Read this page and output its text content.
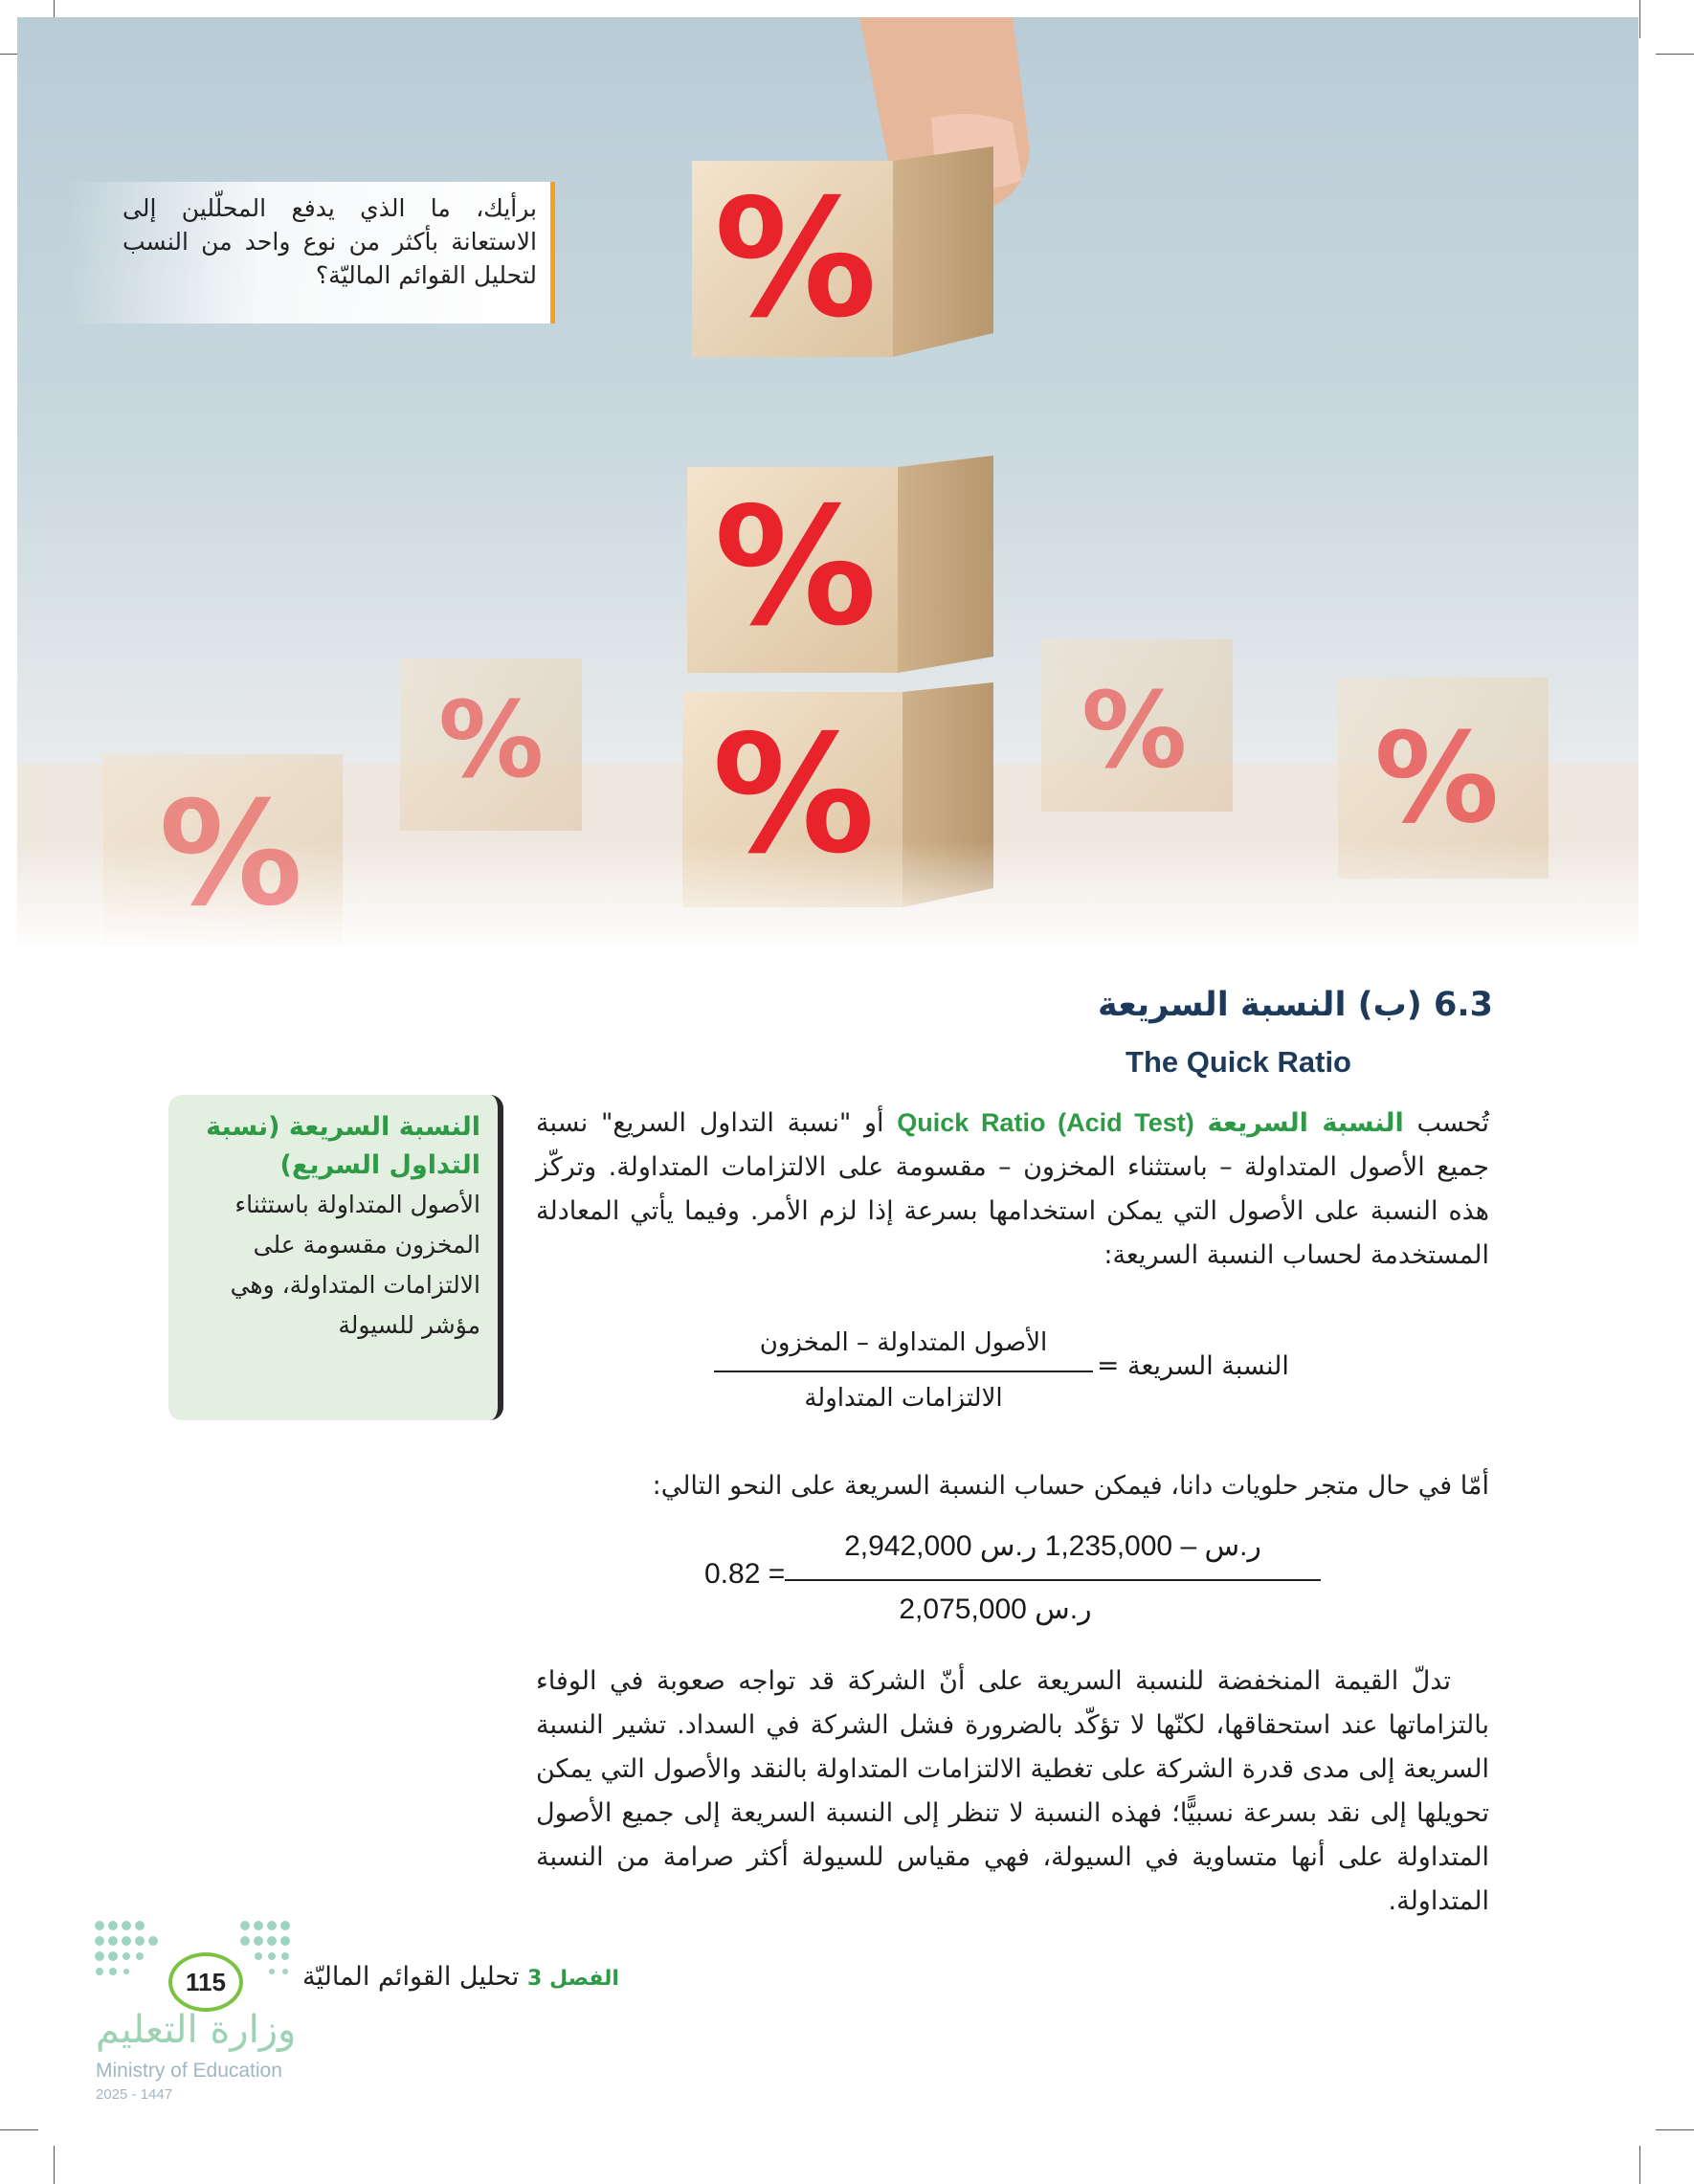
%
%
%
%
%	% %
برأيك، ما الذي يدفع المحلّلين إلى الاستعانة بأكثر من نوع واحد من النسب لتحليل القوائم الماليّة؟
6.3 (ب) النسبة السريعة
The Quick Ratio
النسبة السريعة (نسبة التداول السريع)
الأصول المتداولة باستثناء المخزون مقسومة على الالتزامات المتداولة، وهي مؤشر للسيولة
تُحسب النسبة السريعة Quick Ratio (Acid Test) أو "نسبة التداول السريع" نسبة جميع الأصول المتداولة – باستثناء المخزون – مقسومة على الالتزامات المتداولة. وتركّز هذه النسبة على الأصول التي يمكن استخدامها بسرعة إذا لزم الأمر. وفيما يأتي المعادلة المستخدمة لحساب النسبة السريعة:
النسبة السريعة
=
الأصول المتداولة – المخزون
الالتزامات المتداولة
أمّا في حال متجر حلويات دانا، فيمكن حساب النسبة السريعة على النحو التالي:
0.82 =
2,942,000 ر.س – 1,235,000 ر.س
2,075,000 ر.س
تدلّ القيمة المنخفضة للنسبة السريعة على أنّ الشركة قد تواجه صعوبة في الوفاء بالتزاماتها عند استحقاقها، لكنّها لا تؤكّد بالضرورة فشل الشركة في السداد. تشير النسبة السريعة إلى مدى قدرة الشركة على تغطية الالتزامات المتداولة بالنقد والأصول التي يمكن تحويلها إلى نقد بسرعة نسبيًّا؛ فهذه النسبة لا تنظر إلى النسبة السريعة إلى جميع الأصول المتداولة على أنها متساوية في السيولة، فهي مقياس للسيولة أكثر صرامة من النسبة المتداولة.
115	الفصل 3 تحليل القوائم الماليّة
وزارة التعليم
Ministry of Education
2025 - 1447
